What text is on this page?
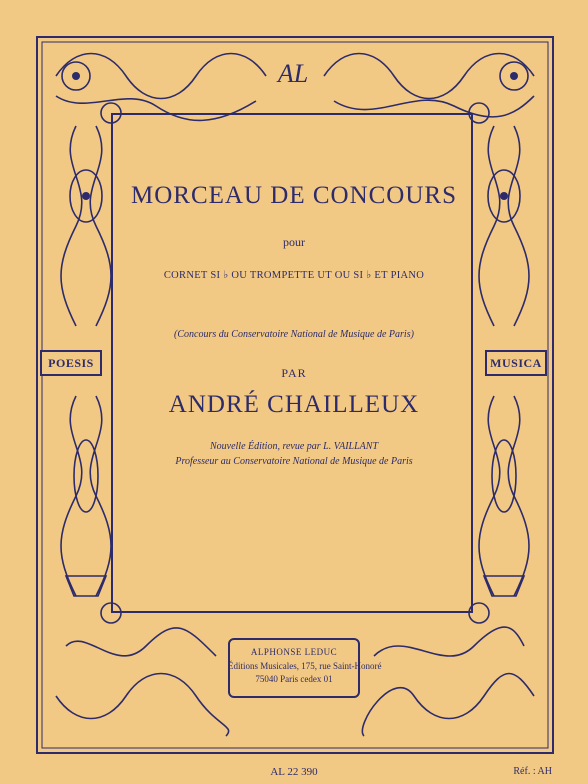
AL
MORCEAU DE CONCOURS
pour
CORNET SI ♭ OU TROMPETTE UT OU SI ♭ ET PIANO
(Concours du Conservatoire National de Musique de Paris)
PAR
ANDRÉ CHAILLEUX
Nouvelle Édition, revue par L. VAILLANT
Professeur au Conservatoire National de Musique de Paris
POESIS	MUSICA
ALPHONSE LEDUC
Éditions Musicales, 175, rue Saint-Honoré
75040 Paris cedex 01
AL 22 390	Réf. : AH
